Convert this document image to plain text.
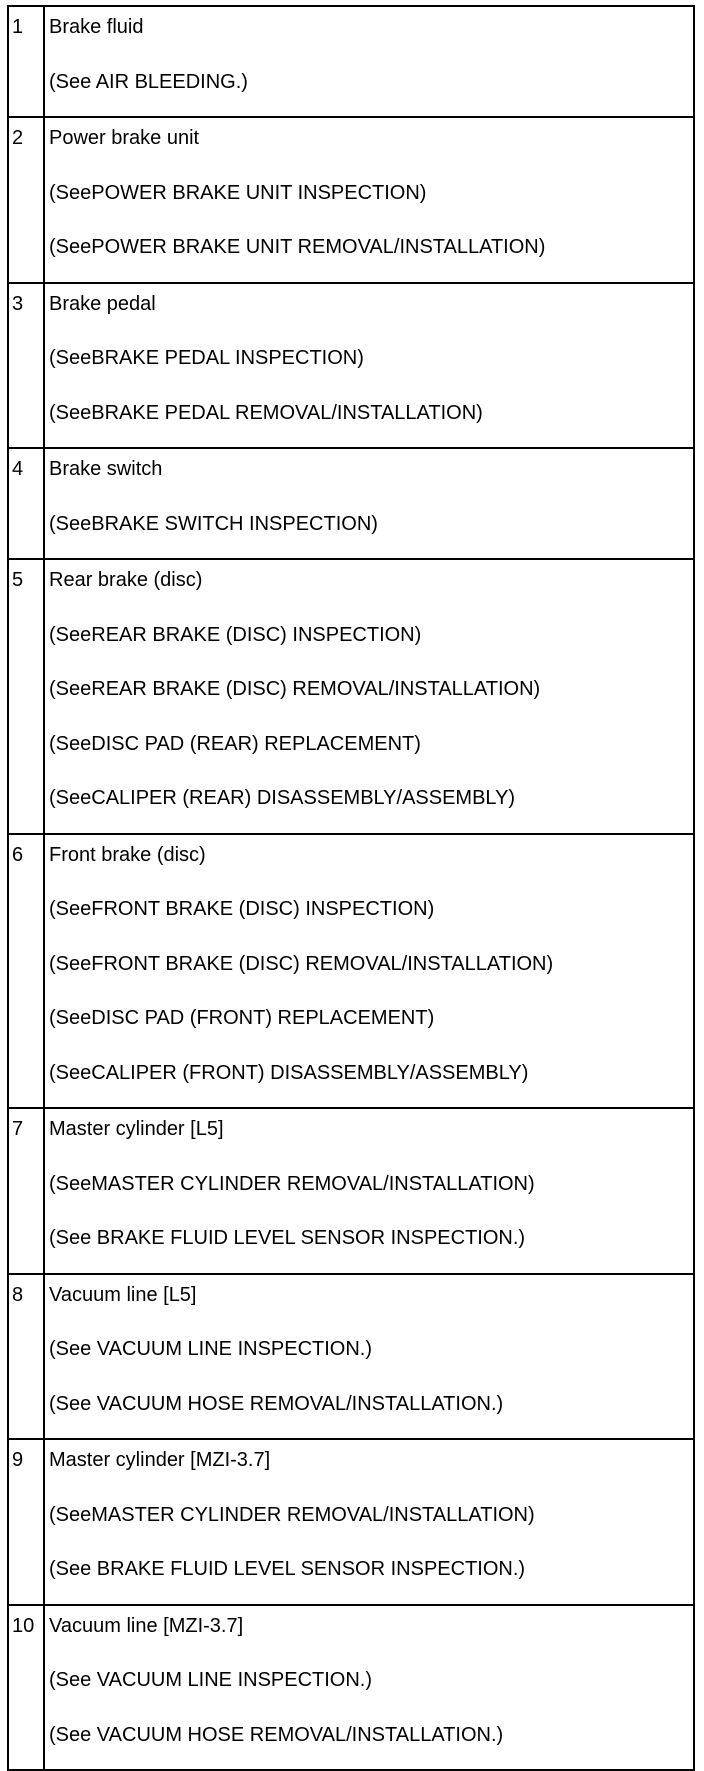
1	Brake fluid
(See AIR BLEEDING.)

2	Power brake unit
(SeePOWER BRAKE UNIT INSPECTION)
(SeePOWER BRAKE UNIT REMOVAL/INSTALLATION)

3	Brake pedal
(SeeBRAKE PEDAL INSPECTION)
(SeeBRAKE PEDAL REMOVAL/INSTALLATION)

4	Brake switch
(SeeBRAKE SWITCH INSPECTION)

5	Rear brake (disc)
(SeeREAR BRAKE (DISC) INSPECTION)
(SeeREAR BRAKE (DISC) REMOVAL/INSTALLATION)
(SeeDISC PAD (REAR) REPLACEMENT)
(SeeCALIPER (REAR) DISASSEMBLY/ASSEMBLY)

6	Front brake (disc)
(SeeFRONT BRAKE (DISC) INSPECTION)
(SeeFRONT BRAKE (DISC) REMOVAL/INSTALLATION)
(SeeDISC PAD (FRONT) REPLACEMENT)
(SeeCALIPER (FRONT) DISASSEMBLY/ASSEMBLY)

7	Master cylinder [L5]
(SeeMASTER CYLINDER REMOVAL/INSTALLATION)
(See BRAKE FLUID LEVEL SENSOR INSPECTION.)

8	Vacuum line [L5]
(See VACUUM LINE INSPECTION.)
(See VACUUM HOSE REMOVAL/INSTALLATION.)

9	Master cylinder [MZI-3.7]
(SeeMASTER CYLINDER REMOVAL/INSTALLATION)
(See BRAKE FLUID LEVEL SENSOR INSPECTION.)

10	Vacuum line [MZI-3.7]
(See VACUUM LINE INSPECTION.)
(See VACUUM HOSE REMOVAL/INSTALLATION.)
